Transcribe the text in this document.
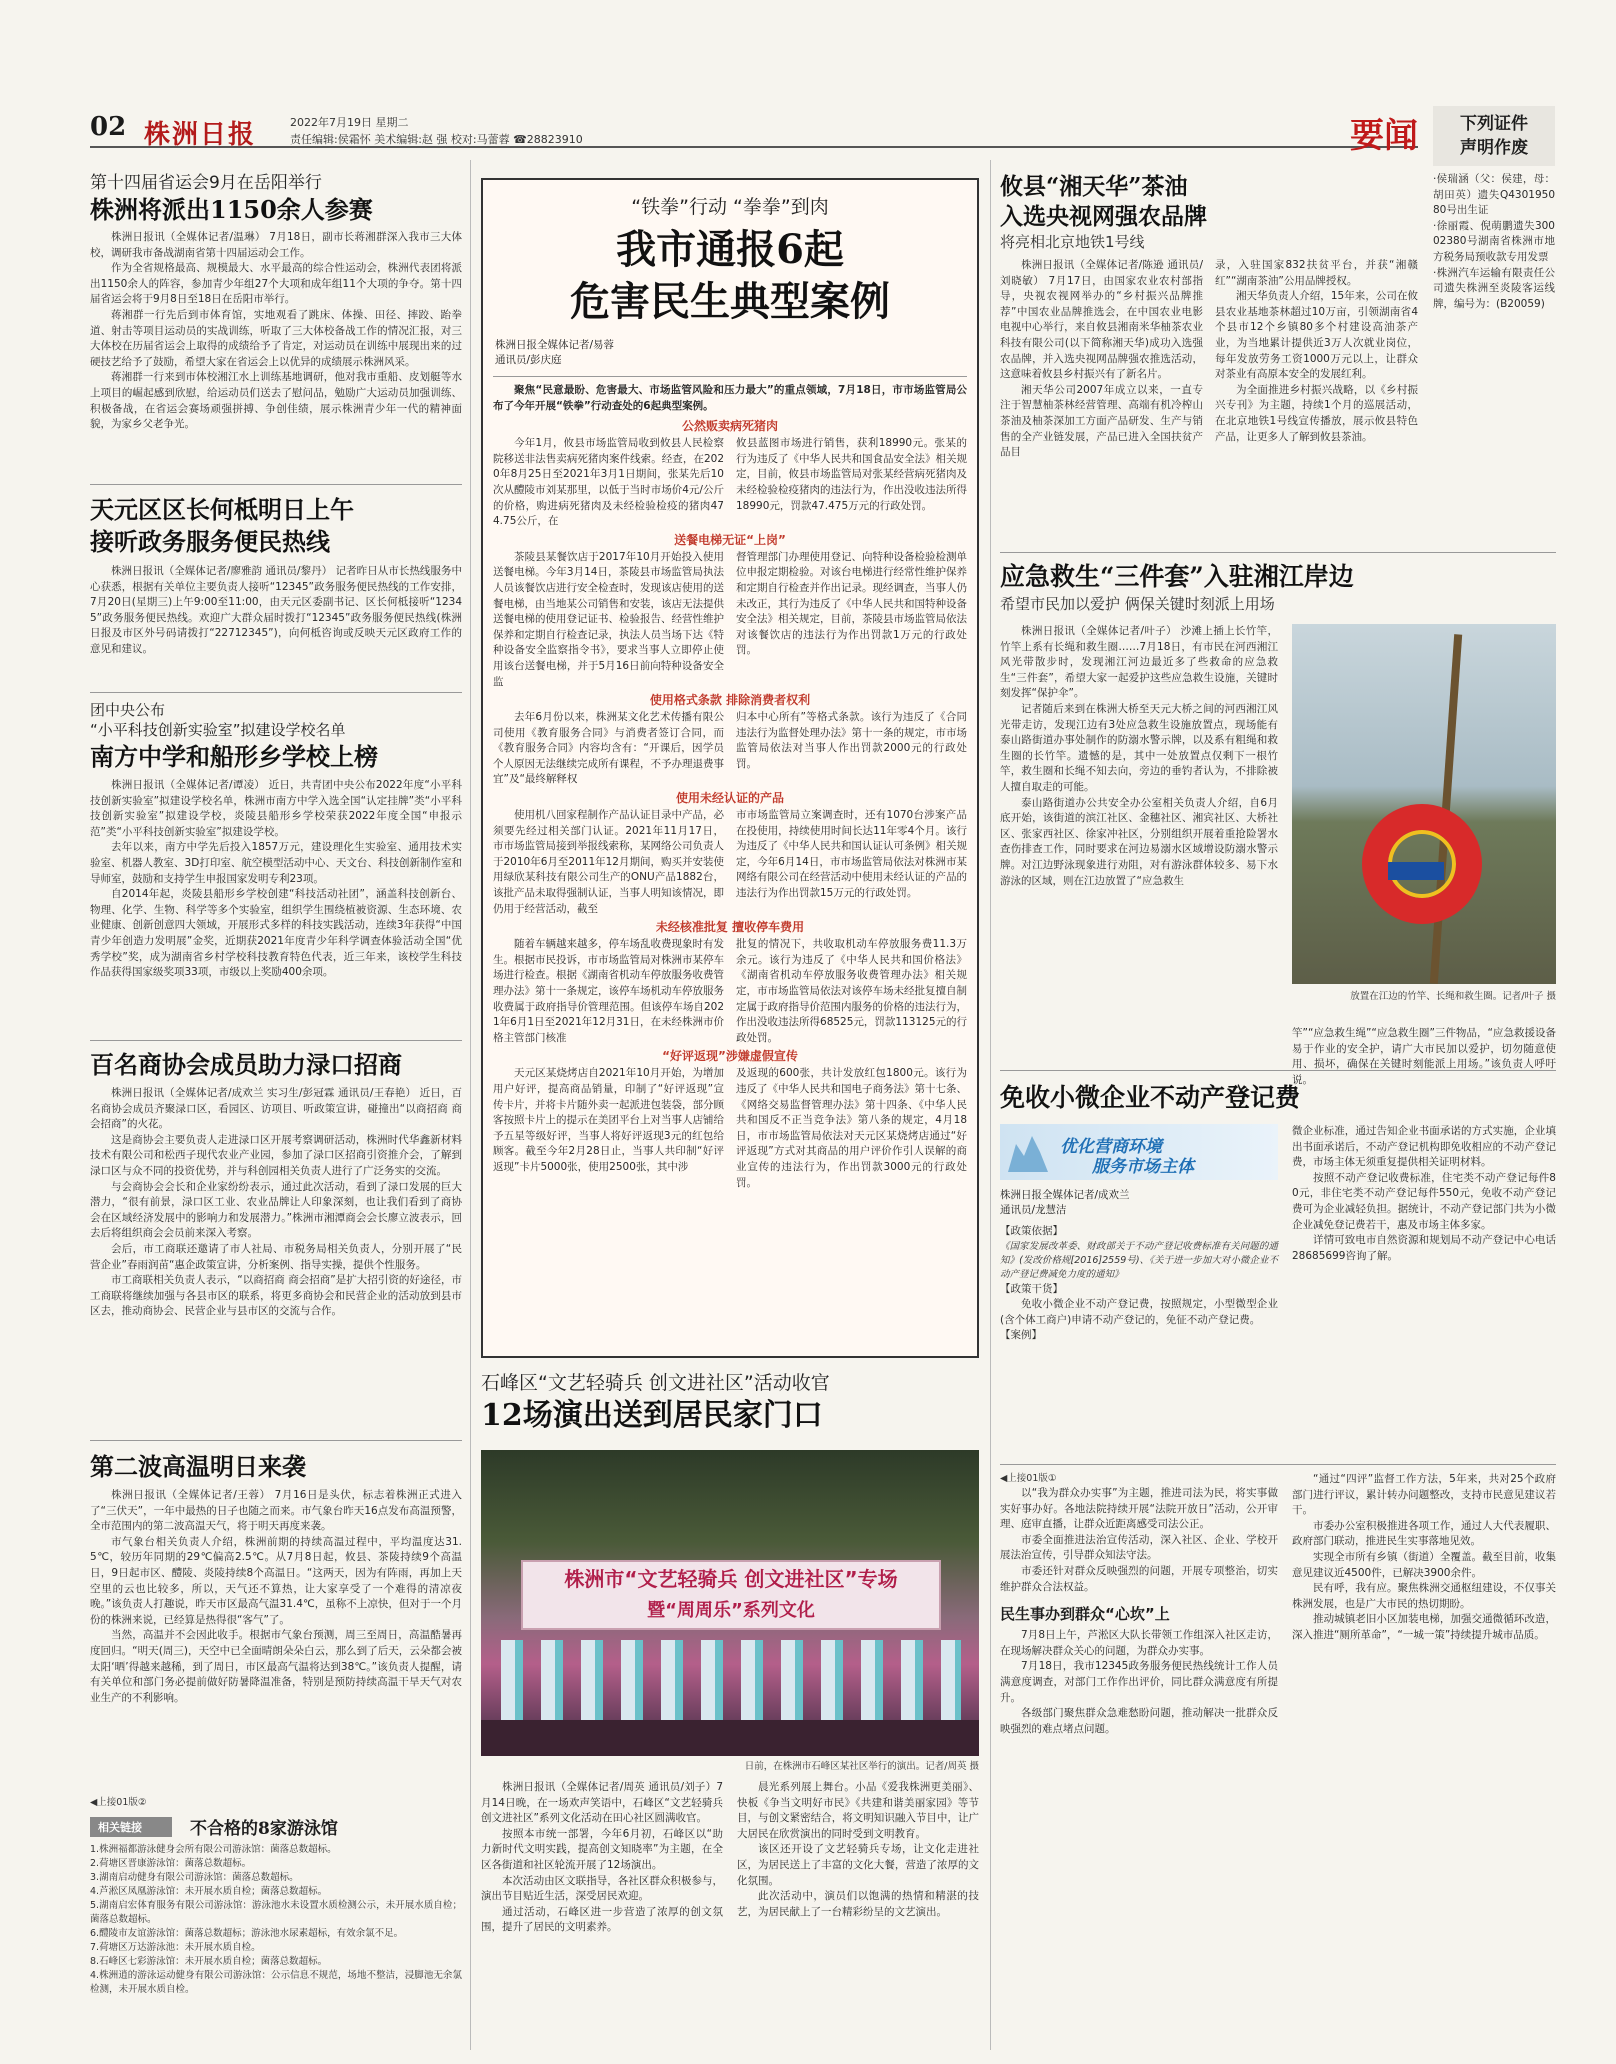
02 株洲日报	2022年7月19日 星期二
责任编辑:侯霜怀 美术编辑:赵 强 校对:马蕾蓉 ☎28823910	要闻	下列证件
声明作废

·侯瑞涵（父：侯建，母：胡田英）遗失Q430195080号出生证

·徐丽霞、倪萌鹏遗失30002380号湖南省株洲市地方税务局预收款专用发票

·株洲汽车运输有限责任公司遗失株洲至炎陵客运线牌，编号为：(B20059)

第十四届省运会9月在岳阳举行
株洲将派出1150余人参赛

株洲日报讯（全媒体记者/温琳） 7月18日，副市长蒋湘群深入我市三大体校，调研我市备战湖南省第十四届运动会工作。

作为全省规格最高、规模最大、水平最高的综合性运动会，株洲代表团将派出1150余人的阵容，参加青少年组27个大项和成年组11个大项的争夺。第十四届省运会将于9月8日至18日在岳阳市举行。

蒋湘群一行先后到市体育馆，实地观看了跳床、体操、田径、摔跤、跆拳道、射击等项目运动员的实战训练，听取了三大体校备战工作的情况汇报，对三大体校在历届省运会上取得的成绩给予了肯定，对运动员在训练中展现出来的过硬技艺给予了鼓励，希望大家在省运会上以优异的成绩展示株洲风采。

蒋湘群一行来到市体校湘江水上训练基地调研，他对我市重船、皮划艇等水上项目的崛起感到欣慰，给运动员们送去了慰问品，勉励广大运动员加强训练、积极备战，在省运会赛场顽强拼搏、争创佳绩，展示株洲青少年一代的精神面貌，为家乡父老争光。

天元区区长何柢明日上午
接听政务服务便民热线

株洲日报讯（全媒体记者/廖雅韵 通讯员/黎丹） 记者昨日从市长热线服务中心获悉，根据有关单位主要负责人接听“12345”政务服务便民热线的工作安排，7月20日(星期三)上午9:00至11:00，由天元区委副书记、区长何柢接听“12345”政务服务便民热线。欢迎广大群众届时拨打“12345”政务服务便民热线(株洲日报及市区外号码请拨打“22712345”)，向何柢咨询或反映天元区政府工作的意见和建议。

团中央公布
“小平科技创新实验室”拟建设学校名单
南方中学和船形乡学校上榜

株洲日报讯（全媒体记者/谭凌） 近日，共青团中央公布2022年度“小平科技创新实验室”拟建设学校名单，株洲市南方中学入选全国“认定挂牌”类“小平科技创新实验室”拟建设学校，炎陵县船形乡学校荣获2022年度全国“申报示范”类“小平科技创新实验室”拟建设学校。

去年以来，南方中学先后投入1857万元，建设理化生实验室、通用技术实验室、机器人教室、3D打印室、航空模型活动中心、天文台、科技创新制作室和导师室，鼓励和支持学生申报国家发明专利23项。

自2014年起，炎陵县船形乡学校创建“科技活动社团”，涵盖科技创新台、物理、化学、生物、科学等多个实验室，组织学生围绕植被资源、生态环境、农业健康、创新创意四大领域，开展形式多样的科技实践活动，连续3年获得“中国青少年创造力发明展”金奖，近期获2021年度青少年科学调查体验活动全国“优秀学校”奖，成为湖南省乡村学校科技教育特色代表，近三年来，该校学生科技作品获得国家级奖项33项，市级以上奖励400余项。

百名商协会成员助力渌口招商

株洲日报讯（全媒体记者/成欢兰 实习生/彭冠霖 通讯员/王春艳） 近日，百名商协会成员齐聚渌口区，看园区、访项目、听政策宣讲，碰撞出“以商招商 商会招商”的火花。

这是商协会主要负责人走进渌口区开展考察调研活动，株洲时代华鑫新材料技术有限公司和松西子现代农业产业园，参加了渌口区招商引资推介会，了解到渌口区与众不同的投资优势，并与科创园相关负责人进行了广泛务实的交流。

与会商协会会长和企业家纷纷表示，通过此次活动，看到了渌口发展的巨大潜力，“很有前景，渌口区工业、农业品牌让人印象深刻，也让我们看到了商协会在区域经济发展中的影响力和发展潜力。”株洲市湘潭商会会长廖立波表示，回去后将组织商会会员前来深入考察。

会后，市工商联还邀请了市人社局、市税务局相关负责人，分别开展了“民营企业”春雨润苗“惠企政策宣讲，分析案例、指导实操，提供个性服务。

市工商联相关负责人表示，“以商招商 商会招商”是扩大招引资的好途径，市工商联将继续加强与各县市区的联系，将更多商协会和民营企业的活动放到县市区去，推动商协会、民营企业与县市区的交流与合作。

第二波高温明日来袭

株洲日报讯（全媒体记者/王蓉） 7月16日是头伏，标志着株洲正式进入了“三伏天”，一年中最热的日子也随之而来。市气象台昨天16点发布高温预警，全市范围内的第二波高温天气，将于明天再度来袭。

市气象台相关负责人介绍，株洲前期的持续高温过程中，平均温度达31.5℃，较历年同期的29℃偏高2.5℃。从7月8日起，攸县、茶陵持续9个高温日，9日起市区、醴陵、炎陵持续8个高温日。“这两天，因为有阵雨，再加上天空里的云也比较多，所以，天气还不算热，让大家享受了一个难得的清凉夜晚。”该负责人打趣说，昨天市区最高气温31.4℃，虽称不上凉快，但对于一个月份的株洲来说，已经算是热得很“客气”了。

当然，高温并不会因此收手。根据市气象台预测，周三至周日，高温酷暑再度回归。“明天(周三)，天空中已全面晴朗朵朵白云，那么到了后天，云朵都会被太阳‘晒’得越来越稀，到了周日，市区最高气温将达到38℃。”该负责人提醒，请有关单位和部门务必提前做好防暑降温准备，特别是预防持续高温干旱天气对农业生产的不利影响。

◀上接01版②
相关链接	不合格的8家游泳馆

1.株洲福都游泳健身会所有限公司游泳馆：菌落总数超标。

2.荷塘区晋康游泳馆：菌落总数超标。

3.湖南启动健身有限公司游泳馆：菌落总数超标。

4.芦淞区凤凰游泳馆：未开展水质自检；菌落总数超标。

5.湖南启宏体育服务有限公司游泳馆：游泳池水未设置水质检测公示，未开展水质自检；菌落总数超标。

6.醴陵市友谊游泳馆：菌落总数超标；游泳池水尿素超标，有效余氯不足。

7.荷塘区万达游泳池：未开展水质自检。

8.石峰区七彩游泳馆：未开展水质自检；菌落总数超标。

4.株洲逍的游泳运动健身有限公司游泳馆：公示信息不规范，场地不整洁，浸脚池无余氯检测，未开展水质自检。

“铁拳”行动 “拳拳”到肉
我市通报6起
危害民生典型案例
株洲日报全媒体记者/易蓉
通讯员/彭庆庭

聚焦“民意最盼、危害最大、市场监管风险和压力最大”的重点领域，7月18日，市市场监管局公布了今年开展“铁拳”行动查处的6起典型案例。

公然贩卖病死猪肉

今年1月，攸县市场监管局收到攸县人民检察院移送非法售卖病死猪肉案件线索。经查，在2020年8月25日至2021年3月1日期间，张某先后10次从醴陵市刘某那里，以低于当时市场价4元/公斤的价格，购进病死猪肉及未经检验检疫的猪肉474.75公斤，在

攸县蓝图市场进行销售，获利18990元。张某的行为违反了《中华人民共和国食品安全法》相关规定，目前，攸县市场监管局对张某经营病死猪肉及未经检验检疫猪肉的违法行为，作出没收违法所得18990元，罚款47.475万元的行政处罚。

送餐电梯无证“上岗”

茶陵县某餐饮店于2017年10月开始投入使用送餐电梯。今年3月14日，茶陵县市场监管局执法人员该餐饮店进行安全检查时，发现该店使用的送餐电梯，由当地某公司销售和安装，该店无法提供送餐电梯的使用登记证书、检验报告、经营性维护保养和定期自行检查记录，执法人员当场下达《特种设备安全监察指令书》，要求当事人立即停止使用该台送餐电梯，并于5月16日前向特种设备安全监

督管理部门办理使用登记、向特种设备检验检测单位申报定期检验。对该台电梯进行经常性维护保养和定期自行检查并作出记录。现经调查，当事人仍未改正，其行为违反了《中华人民共和国特种设备安全法》相关规定，目前，茶陵县市场监管局依法对该餐饮店的违法行为作出罚款1万元的行政处罚。

使用格式条款 排除消费者权利

去年6月份以来，株洲某文化艺术传播有限公司使用《教育服务合同》与消费者签订合同，而《教育服务合同》内容均含有：“开课后，因学员个人原因无法继续完成所有课程，不予办理退费事宜”及“最终解释权

归本中心所有”等格式条款。该行为违反了《合同违法行为监督处理办法》第十一条的规定，市市场监管局依法对当事人作出罚款2000元的行政处罚。

使用未经认证的产品

使用机八回家程制作产品认证目录中产品，必须要先经过相关部门认证。2021年11月17日，市市场监管局接到举报线索称，某网络公司负责人于2010年6月至2011年12月期间，购买并安装使用绿欣某科技有限公司生产的ONU产品1882台，该批产品未取得强制认证，当事人明知该情况，即仍用于经营活动，截至

市市场监管局立案调查时，还有1070台涉案产品在投使用，持续使用时间长达11年零4个月。该行为违反了《中华人民共和国认证认可条例》相关规定，今年6月14日，市市场监管局依法对株洲市某网络有限公司在经营活动中使用未经认证的产品的违法行为作出罚款15万元的行政处罚。

未经核准批复 擅收停车费用

随着车辆越来越多，停车场乱收费现象时有发生。根据市民投诉，市市场监管局对株洲市某停车场进行检查。根据《湖南省机动车停放服务收费管理办法》第十一条规定，该停车场机动车停放服务收费属于政府指导价管理范围。但该停车场自2021年6月1日至2021年12月31日，在未经株洲市价格主管部门核准

批复的情况下，共收取机动车停放服务费11.3万余元。该行为违反了《中华人民共和国价格法》《湖南省机动车停放服务收费管理办法》相关规定，市市场监管局依法对该停车场未经批复擅自制定属于政府指导价范围内服务的价格的违法行为，作出没收违法所得68525元，罚款113125元的行政处罚。

“好评返现”涉嫌虚假宣传

天元区某烧烤店自2021年10月开始，为增加用户好评，提高商品销量，印制了“好评返现”宣传卡片，并将卡片随外卖一起派进包装袋，部分顾客按照卡片上的提示在美团平台上对当事人店铺给予五星等级好评，当事人将好评返现3元的红包给顾客。截至今年2月28日止，当事人共印制“好评返现”卡片5000张，使用2500张，其中涉

及返现的600张，共计发放红包1800元。该行为违反了《中华人民共和国电子商务法》第十七条、《网络交易监督管理办法》第十四条、《中华人民共和国反不正当竞争法》第八条的规定，4月18日，市市场监管局依法对天元区某烧烤店通过“好评返现”方式对其商品的用户评价作引人误解的商业宣传的违法行为，作出罚款3000元的行政处罚。

石峰区“文艺轻骑兵 创文进社区”活动收官
12场演出送到居民家门口
株洲市“文艺轻骑兵 创文进社区”专场
暨“周周乐”系列文化
日前，在株洲市石峰区某社区举行的演出。记者/周英 摄

株洲日报讯（全媒体记者/周英 通讯员/刘子）7月14日晚，在一场欢声笑语中，石峰区“文艺轻骑兵 创文进社区”系列文化活动在田心社区圆满收官。

按照本市统一部署，今年6月初，石峰区以“助力新时代文明实践，提高创文知晓率”为主题，在全区各街道和社区轮流开展了12场演出。

本次活动由区文联指导，各社区群众积极参与，演出节目贴近生活，深受居民欢迎。

通过活动，石峰区进一步营造了浓厚的创文氛围，提升了居民的文明素养。

晨光系列展上舞台。小品《爱我株洲更美丽》、快板《争当文明好市民》《共建和谐美丽家园》等节目，与创文紧密结合，将文明知识融入节目中，让广大居民在欣赏演出的同时受到文明教育。

该区还开设了文艺轻骑兵专场，让文化走进社区，为居民送上了丰富的文化大餐，营造了浓厚的文化氛围。

此次活动中，演员们以饱满的热情和精湛的技艺，为居民献上了一台精彩纷呈的文艺演出。

攸县“湘天华”茶油
入选央视网强农品牌
将亮相北京地铁1号线

株洲日报讯（全媒体记者/陈逊 通讯员/刘晓敏） 7月17日，由国家农业农村部指导，央视农视网举办的“乡村振兴品牌推荐”中国农业品牌推选会，在中国农业电影电视中心举行，来自攸县湘南米华柚茶农业科技有限公司(以下简称湘天华)成功入选强农品牌，并入选央视网品牌强农推选活动，这意味着攸县乡村振兴有了新名片。

湘天华公司2007年成立以来，一直专注于智慧柚茶林经营管理、高端有机冷榨山茶油及柚茶深加工方面产品研发、生产与销售的全产业链发展，产品已进入全国扶贫产品目

录，入驻国家832扶贫平台，并获“湘赣红”“湖南茶油”公用品牌授权。

湘天华负责人介绍，15年来，公司在攸县农业基地茶林超过10万亩，引领湖南省4个县市12个乡镇80多个村建设高油茶产业，为当地累计提供近3万人次就业岗位，每年发放劳务工资1000万元以上，让群众对茶业有高原本安全的发展红利。

为全面推进乡村振兴战略，以《乡村振兴专刊》为主题，持续1个月的巡展活动，在北京地铁1号线宣传播放，展示攸县特色产品，让更多人了解到攸县茶油。

应急救生“三件套”入驻湘江岸边
希望市民加以爱护 俩保关键时刻派上用场

株洲日报讯（全媒体记者/叶子） 沙滩上插上长竹竿，竹竿上系有长绳和救生圈……7月18日，有市民在河西湘江风光带散步时，发现湘江河边最近多了些救命的应急救生“三件套”，希望大家一起爱护这些应急救生设施，关键时刻发挥“保护伞”。

记者随后来到在株洲大桥至天元大桥之间的河西湘江风光带走访，发现江边有3处应急救生设施放置点，现场能有泰山路街道办事处制作的防溺水警示牌，以及系有粗绳和救生圈的长竹竿。遗憾的是，其中一处放置点仅剩下一根竹竿，救生圈和长绳不知去向，旁边的垂钓者认为，不排除被人擅自取走的可能。

泰山路街道办公共安全办公室相关负责人介绍，自6月底开始，该街道的滨江社区、金穗社区、湘宾社区、大桥社区、张家西社区、徐家冲社区，分别组织开展着重抢险署水查伤排查工作，同时要求在河边易溺水区域增设防溺水警示牌。对江边野泳现象进行劝阻，对有游泳群体较多、易下水游泳的区域，则在江边放置了“应急救生

放置在江边的竹竿、长绳和救生圈。记者/叶子 摄

竿”“应急救生绳”“应急救生圈”三件物品，“应急救援设备易于作业的安全护，请广大市民加以爱护，切勿随意使用、损坏，确保在关键时刻能派上用场。”该负责人呼吁说。

免收小微企业不动产登记费
优化营商环境
服务市场主体
株洲日报全媒体记者/成欢兰
通讯员/龙慧洁

【政策依据】

《国家发展改革委、财政部关于不动产登记收费标准有关问题的通知》(发改价格规[2016]2559号)、《关于进一步加大对小微企业不动产登记费减免力度的通知》

【政策干货】

免收小微企业不动产登记费，按照规定，小型微型企业(含个体工商户)申请不动产登记的，免征不动产登记费。

【案例】

微企业标准，通过告知企业书面承诺的方式实施，企业填出书面承诺后，不动产登记机构即免收相应的不动产登记费，市场主体无须重复提供相关证明材料。

按照不动产登记收费标准，住宅类不动产登记每件80元，非住宅类不动产登记每件550元，免收不动产登记费可为企业减轻负担。据统计，不动产登记部门共为小微企业减免登记费若干，惠及市场主体多家。

详情可致电市自然资源和规划局不动产登记中心电话28685699咨询了解。

◀上接01版①

以“我为群众办实事”为主题，推进司法为民，将实事做实好事办好。各地法院持续开展“法院开放日”活动，公开审理、庭审直播，让群众近距离感受司法公正。

市委全面推进法治宣传活动，深入社区、企业、学校开展法治宣传，引导群众知法守法。

市委还针对群众反映强烈的问题，开展专项整治，切实维护群众合法权益。

民生事办到群众“心坎”上

7月8日上午，芦淞区大队长带领工作组深入社区走访，在现场解决群众关心的问题，为群众办实事。

7月18日，我市12345政务服务便民热线统计工作人员满意度调查，对部门工作作出评价，同比群众满意度有所提升。

各级部门聚焦群众急难愁盼问题，推动解决一批群众反映强烈的难点堵点问题。

“通过“四评”监督工作方法，5年来，共对25个政府部门进行评议，累计转办问题整改，支持市民意见建议若干。

市委办公室积极推进各项工作，通过人大代表履职、政府部门联动，推进民生实事落地见效。

实现全市所有乡镇（街道）全覆盖。截至目前，收集意见建议近4500件，已解决3900余件。

民有呼，我有应。聚焦株洲交通枢纽建设，不仅事关株洲发展，也是广大市民的热切期盼。

推动城镇老旧小区加装电梯，加强交通微循环改造，深入推进“厕所革命”，“一城一策”持续提升城市品质。
